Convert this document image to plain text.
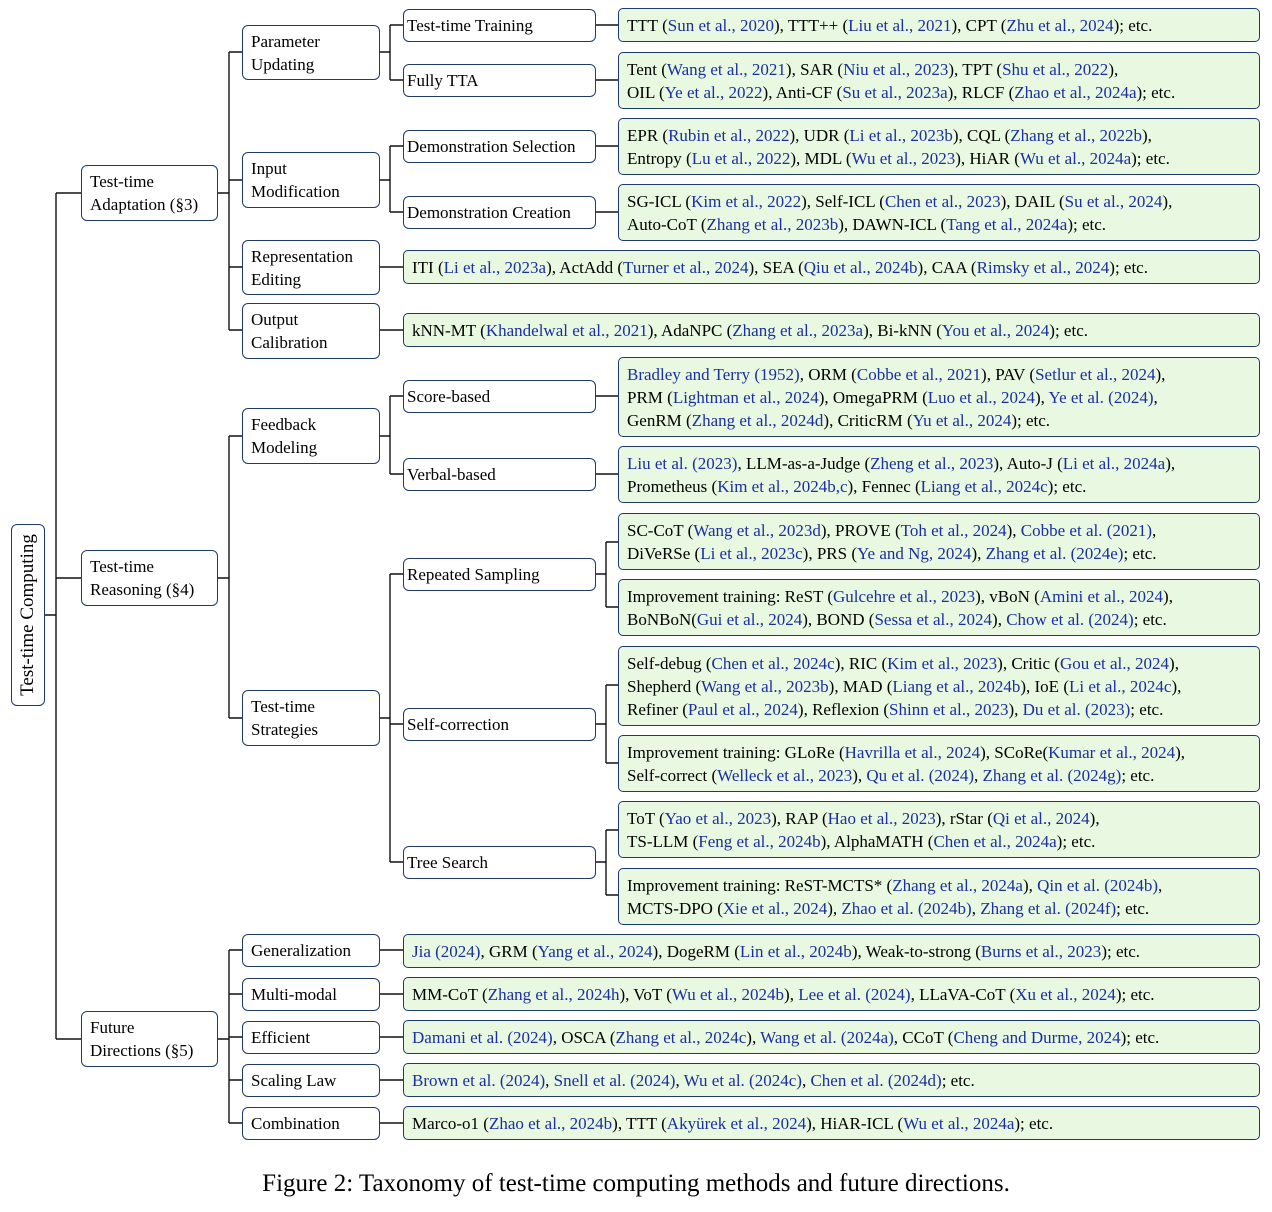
Test-time Computing
Test-time
Adaptation (§3)
Test-time
Reasoning (§4)
Future
Directions (§5)
Parameter
Updating
Input
Modification
Representation
Editing
Output
Calibration
Feedback
Modeling
Test-time
Strategies
Generalization
Multi-modal
Efficient
Scaling Law
Combination
Test-time Training
Fully TTA
Demonstration Selection
Demonstration Creation
Score-based
Verbal-based
Repeated Sampling
Self-correction
Tree Search
TTT (Sun et al., 2020), TTT++ (Liu et al., 2021), CPT (Zhu et al., 2024); etc.
Tent (Wang et al., 2021), SAR (Niu et al., 2023), TPT (Shu et al., 2022),
OIL (Ye et al., 2022), Anti-CF (Su et al., 2023a), RLCF (Zhao et al., 2024a); etc.
EPR (Rubin et al., 2022), UDR (Li et al., 2023b), CQL (Zhang et al., 2022b),
Entropy (Lu et al., 2022), MDL (Wu et al., 2023), HiAR (Wu et al., 2024a); etc.
SG-ICL (Kim et al., 2022), Self-ICL (Chen et al., 2023), DAIL (Su et al., 2024),
Auto-CoT (Zhang et al., 2023b), DAWN-ICL (Tang et al., 2024a); etc.
ITI (Li et al., 2023a), ActAdd (Turner et al., 2024), SEA (Qiu et al., 2024b), CAA (Rimsky et al., 2024); etc.
kNN-MT (Khandelwal et al., 2021), AdaNPC (Zhang et al., 2023a), Bi-kNN (You et al., 2024); etc.
Bradley and Terry (1952), ORM (Cobbe et al., 2021), PAV (Setlur et al., 2024),
PRM (Lightman et al., 2024), OmegaPRM (Luo et al., 2024), Ye et al. (2024),
GenRM (Zhang et al., 2024d), CriticRM (Yu et al., 2024); etc.
Liu et al. (2023), LLM-as-a-Judge (Zheng et al., 2023), Auto-J (Li et al., 2024a),
Prometheus (Kim et al., 2024b,c), Fennec (Liang et al., 2024c); etc.
SC-CoT (Wang et al., 2023d), PROVE (Toh et al., 2024), Cobbe et al. (2021),
DiVeRSe (Li et al., 2023c), PRS (Ye and Ng, 2024), Zhang et al. (2024e); etc.
Improvement training: ReST (Gulcehre et al., 2023), vBoN (Amini et al., 2024),
BoNBoN(Gui et al., 2024), BOND (Sessa et al., 2024), Chow et al. (2024); etc.
Self-debug (Chen et al., 2024c), RIC (Kim et al., 2023), Critic (Gou et al., 2024),
Shepherd (Wang et al., 2023b), MAD (Liang et al., 2024b), IoE (Li et al., 2024c),
Refiner (Paul et al., 2024), Reflexion (Shinn et al., 2023), Du et al. (2023); etc.
Improvement training: GLoRe (Havrilla et al., 2024), SCoRe(Kumar et al., 2024),
Self-correct (Welleck et al., 2023), Qu et al. (2024), Zhang et al. (2024g); etc.
ToT (Yao et al., 2023), RAP (Hao et al., 2023), rStar (Qi et al., 2024),
TS-LLM (Feng et al., 2024b), AlphaMATH (Chen et al., 2024a); etc.
Improvement training: ReST-MCTS* (Zhang et al., 2024a), Qin et al. (2024b),
MCTS-DPO (Xie et al., 2024), Zhao et al. (2024b), Zhang et al. (2024f); etc.
Jia (2024), GRM (Yang et al., 2024), DogeRM (Lin et al., 2024b), Weak-to-strong (Burns et al., 2023); etc.
MM-CoT (Zhang et al., 2024h), VoT (Wu et al., 2024b), Lee et al. (2024), LLaVA-CoT (Xu et al., 2024); etc.
Damani et al. (2024), OSCA (Zhang et al., 2024c), Wang et al. (2024a), CCoT (Cheng and Durme, 2024); etc.
Brown et al. (2024), Snell et al. (2024), Wu et al. (2024c), Chen et al. (2024d); etc.
Marco-o1 (Zhao et al., 2024b), TTT (Akyürek et al., 2024), HiAR-ICL (Wu et al., 2024a); etc.
Figure 2: Taxonomy of test-time computing methods and future directions.
